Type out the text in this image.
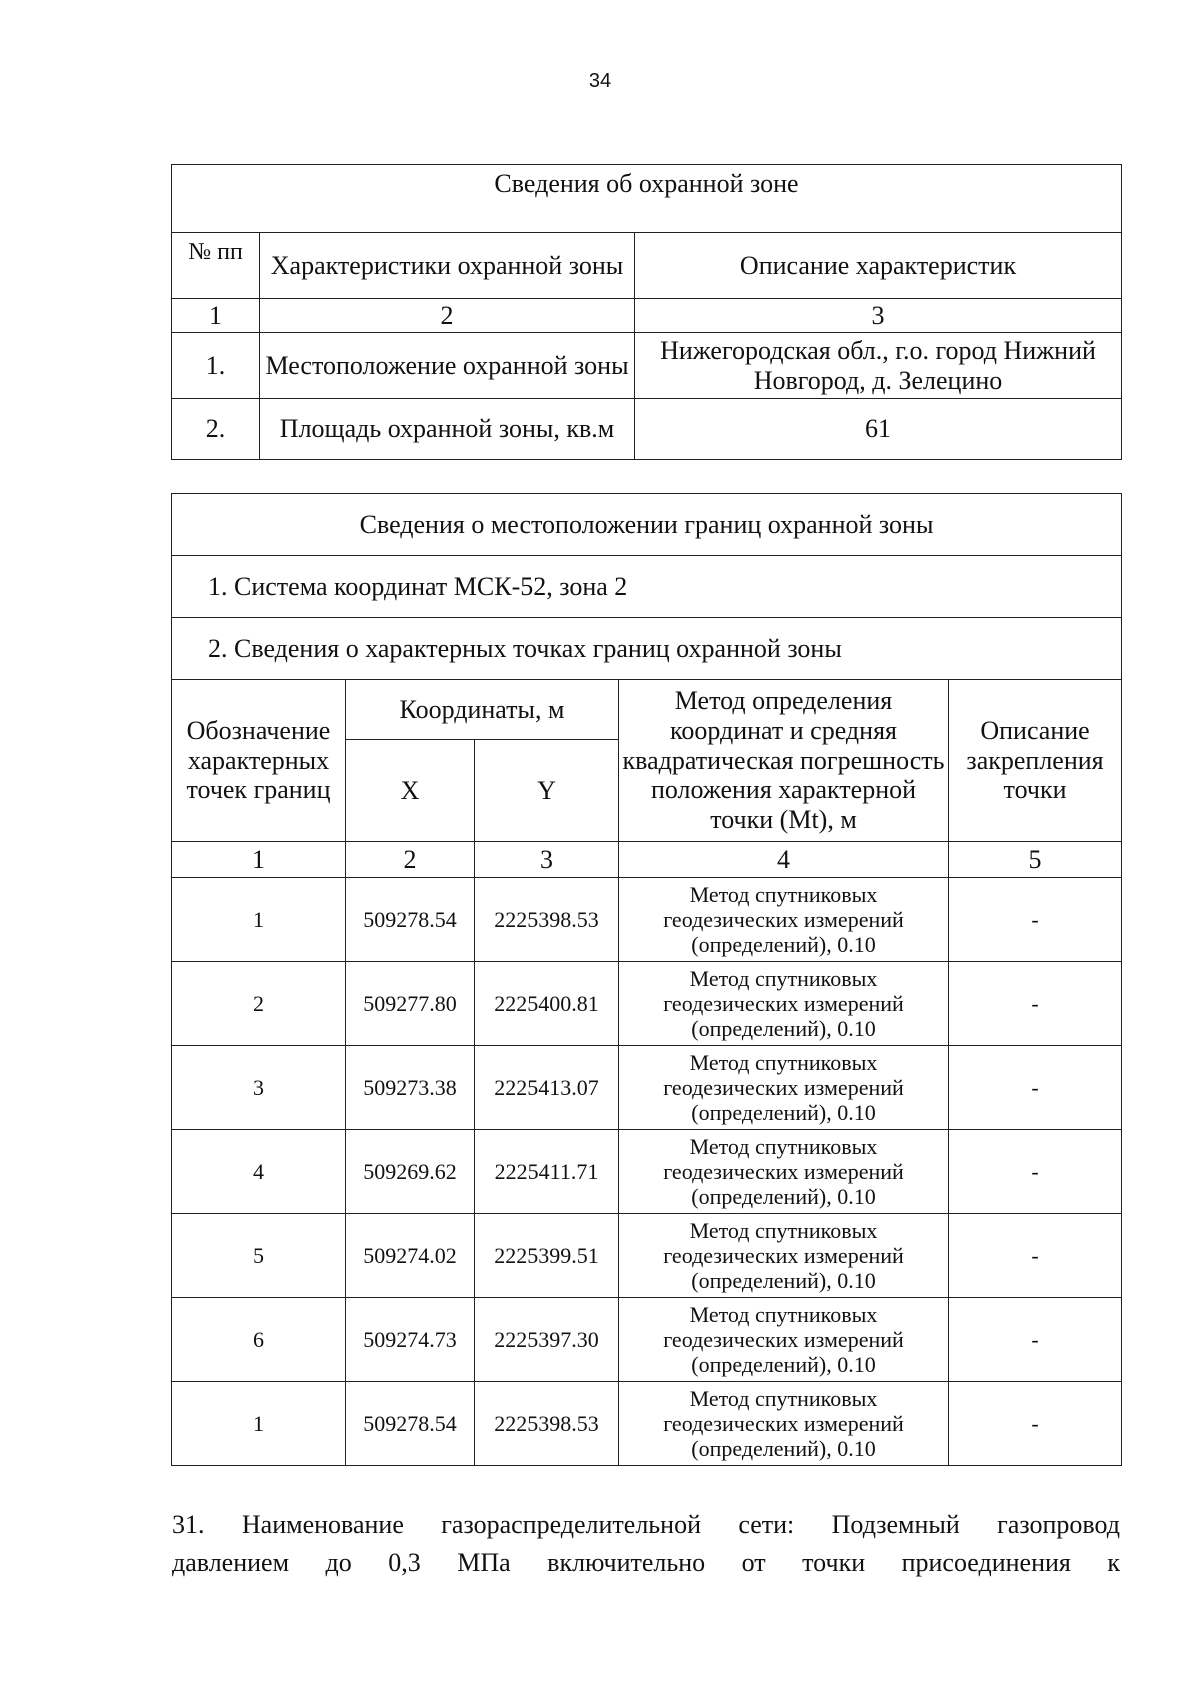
34
Сведения об охранной зоне		
№ пп	Характеристики охранной зоны	Описание характеристик
1	2	3
1.	Местоположение охранной зоны	Нижегородская обл., г.о. город Нижний Новгород, д. Зелецино
2.	Площадь охранной зоны, кв.м	61
Сведения о местоположении границ охранной зоны				
1. Система координат МСК-52, зона 2				
2. Сведения о характерных точках границ охранной зоны				
Обозначение характерных точек границ	Координаты, м		Метод определения координат и средняя квадратическая погрешность положения характерной точки (Mt), м	Описание закрепления точки
	X	Y		
1	2	3	4	5
1	509278.54	2225398.53	Метод спутниковых геодезических измерений (определений), 0.10	-
2	509277.80	2225400.81	Метод спутниковых геодезических измерений (определений), 0.10	-
3	509273.38	2225413.07	Метод спутниковых геодезических измерений (определений), 0.10	-
4	509269.62	2225411.71	Метод спутниковых геодезических измерений (определений), 0.10	-
5	509274.02	2225399.51	Метод спутниковых геодезических измерений (определений), 0.10	-
6	509274.73	2225397.30	Метод спутниковых геодезических измерений (определений), 0.10	-
1	509278.54	2225398.53	Метод спутниковых геодезических измерений (определений), 0.10	-
31. Наименование газораспределительной сети: Подземный газопровод
давлением до 0,3 МПа включительно от точки присоединения к
